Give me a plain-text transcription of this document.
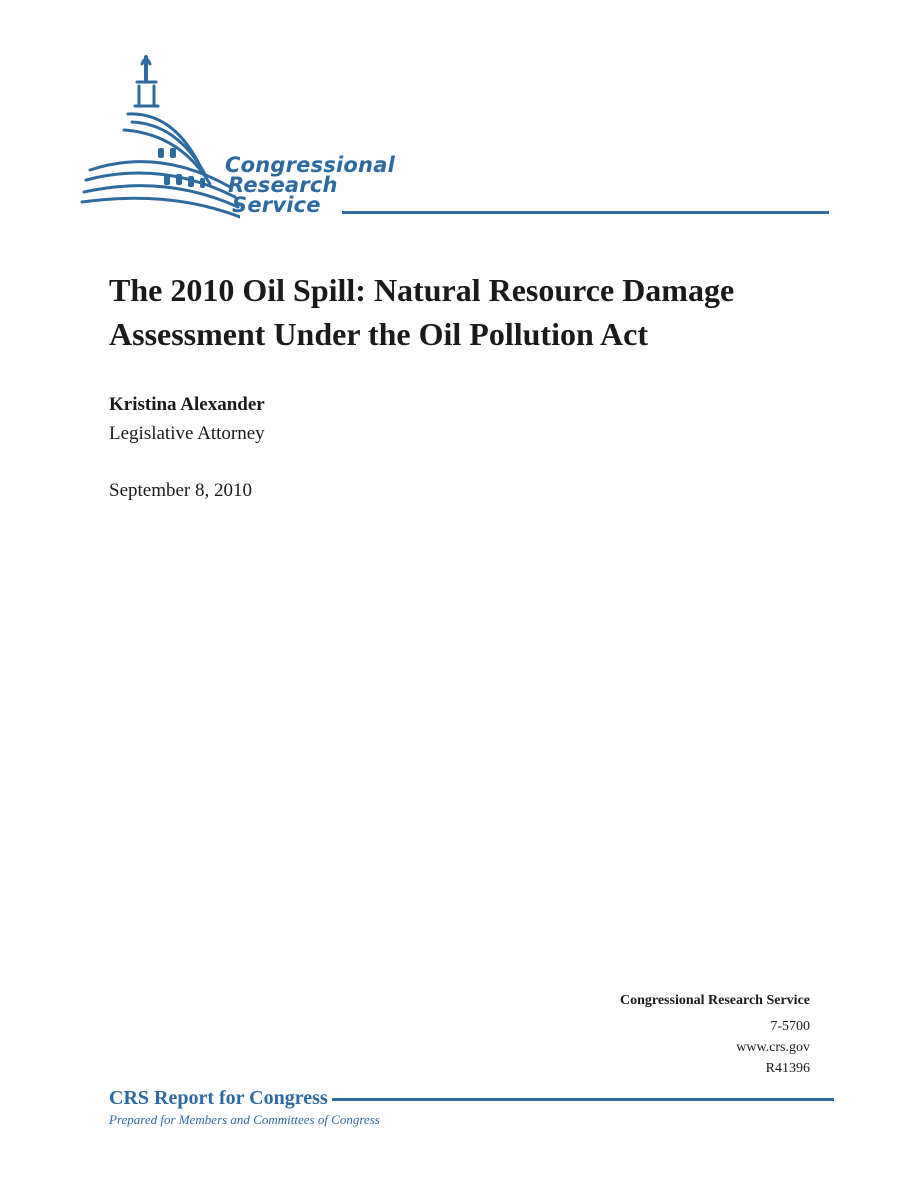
Congressional
Research
Service
The 2010 Oil Spill: Natural Resource Damage
Assessment Under the Oil Pollution Act
Kristina Alexander
Legislative Attorney
September 8, 2010
Congressional Research Service
7-5700
www.crs.gov
R41396
CRS Report for Congress
Prepared for Members and Committees of Congress
